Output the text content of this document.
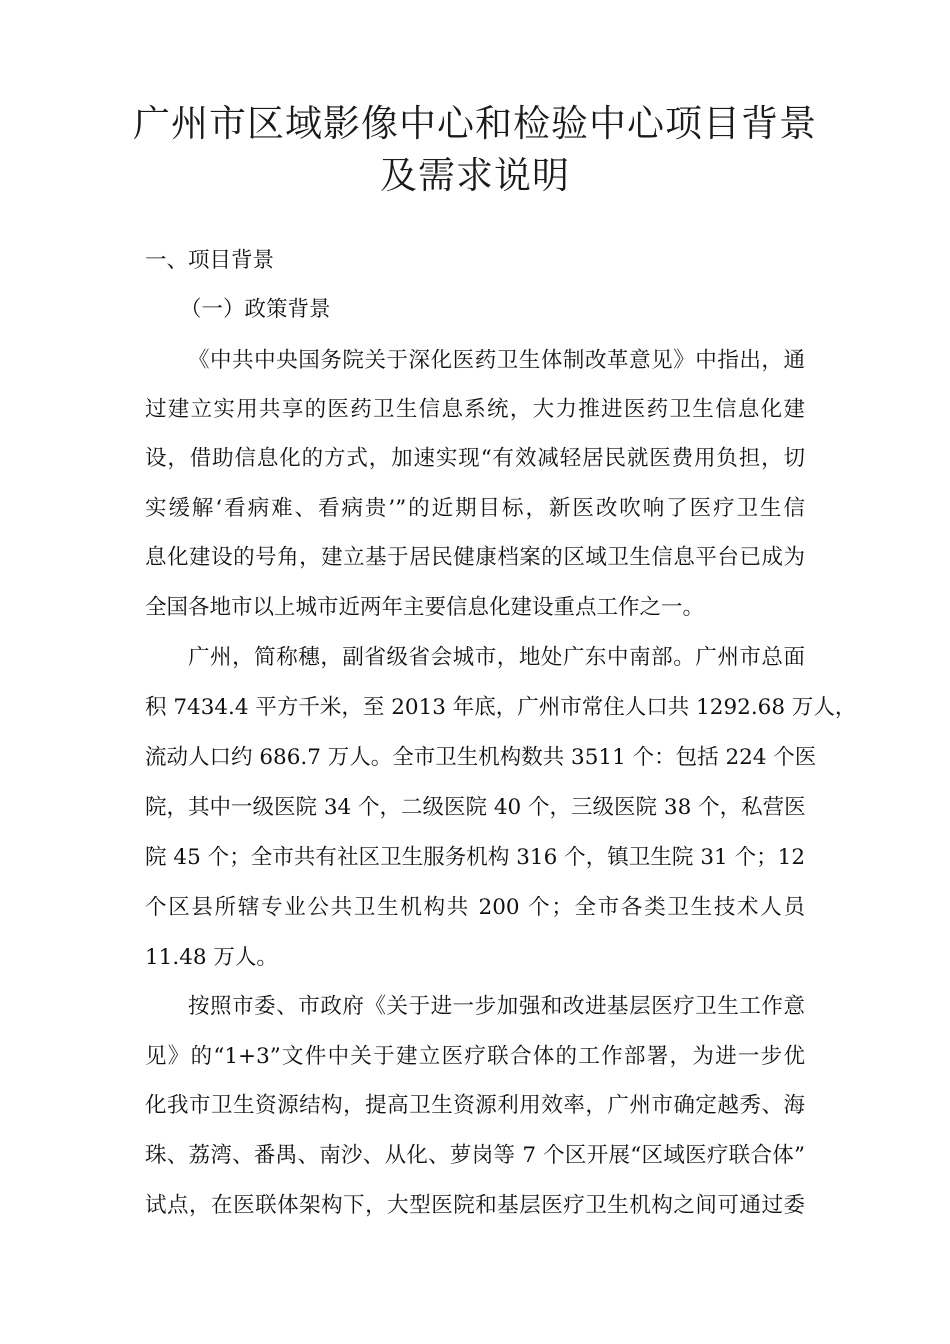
广州市区域影像中心和检验中心项目背景
及需求说明
一、项目背景
（一）政策背景
《中共中央国务院关于深化医药卫生体制改革意见》中指出，通
过建立实用共享的医药卫生信息系统，大力推进医药卫生信息化建
设，借助信息化的方式，加速实现“有效减轻居民就医费用负担，切
实缓解‘看病难、看病贵’”的近期目标，新医改吹响了医疗卫生信
息化建设的号角，建立基于居民健康档案的区域卫生信息平台已成为
全国各地市以上城市近两年主要信息化建设重点工作之一。
广州，简称穗，副省级省会城市，地处广东中南部。广州市总面
积 7434.4 平方千米，至 2013 年底，广州市常住人口共 1292.68 万人，
流动人口约 686.7 万人。全市卫生机构数共 3511 个：包括 224 个医
院，其中一级医院 34 个，二级医院 40 个，三级医院 38 个，私营医
院 45 个；全市共有社区卫生服务机构 316 个，镇卫生院 31 个；12
个区县所辖专业公共卫生机构共 200 个；全市各类卫生技术人员
11.48 万人。
按照市委、市政府《关于进一步加强和改进基层医疗卫生工作意
见》的“1+3”文件中关于建立医疗联合体的工作部署，为进一步优
化我市卫生资源结构，提高卫生资源利用效率，广州市确定越秀、海
珠、荔湾、番禺、南沙、从化、萝岗等 7 个区开展“区域医疗联合体”
试点，在医联体架构下，大型医院和基层医疗卫生机构之间可通过委
